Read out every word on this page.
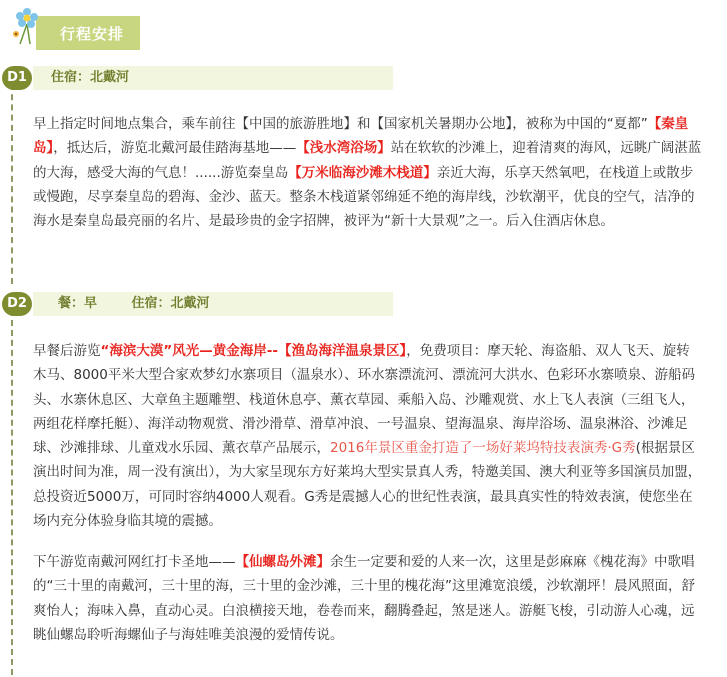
行程安排
住宿：北戴河
D1
早上指定时间地点集合，乘车前往【中国的旅游胜地】和【国家机关暑期办公地】，被称为中国的“夏都”【秦皇岛】，抵达后，游览北戴河最佳踏海基地——【浅水湾浴场】站在软软的沙滩上，迎着清爽的海风，远眺广阔湛蓝的大海，感受大海的气息！......游览秦皇岛【万米临海沙滩木栈道】亲近大海，乐享天然氧吧，在栈道上或散步或慢跑，尽享秦皇岛的碧海、金沙、蓝天。整条木栈道紧邻绵延不绝的海岸线，沙软潮平，优良的空气，洁净的海水是秦皇岛最亮丽的名片、是最珍贵的金字招牌，被评为“新十大景观”之一。后入住酒店休息。
餐：早	住宿：北戴河
D2
早餐后游览“海滨大漠”风光—黄金海岸--【渔岛海洋温泉景区】，免费项目：摩天轮、海盗船、双人飞天、旋转木马、8000平米大型合家欢梦幻水寨项目（温泉水）、环水寨漂流河、漂流河大洪水、色彩环水寨喷泉、游船码头、水寨休息区、大章鱼主题雕塑、栈道休息亭、薰衣草园、乘船入岛、沙雕观赏、水上飞人表演（三组飞人，两组花样摩托艇）、海洋动物观赏、滑沙滑草、滑草冲浪、一号温泉、望海温泉、海岸浴场、温泉淋浴、沙滩足球、沙滩排球、儿童戏水乐园、薰衣草产品展示，2016年景区重金打造了一场好莱坞特技表演秀·G秀(根据景区演出时间为准，周一没有演出），为大家呈现东方好莱坞大型实景真人秀，特邀美国、澳大利亚等多国演员加盟，总投资近5000万，可同时容纳4000人观看。G秀是震撼人心的世纪性表演，最具真实性的特效表演，使您坐在场内充分体验身临其境的震撼。
下午游览南戴河网红打卡圣地——【仙螺岛外滩】余生一定要和爱的人来一次，这里是彭麻麻《槐花海》中歌唱的“三十里的南戴河，三十里的海，三十里的金沙滩，三十里的槐花海”这里滩宽浪缓，沙软潮坪！晨风照面，舒爽怡人；海味入鼻，直动心灵。白浪横接天地，卷卷而来，翻腾叠起，煞是迷人。游艇飞梭，引动游人心魂，远眺仙螺岛聆听海螺仙子与海娃唯美浪漫的爱情传说。
